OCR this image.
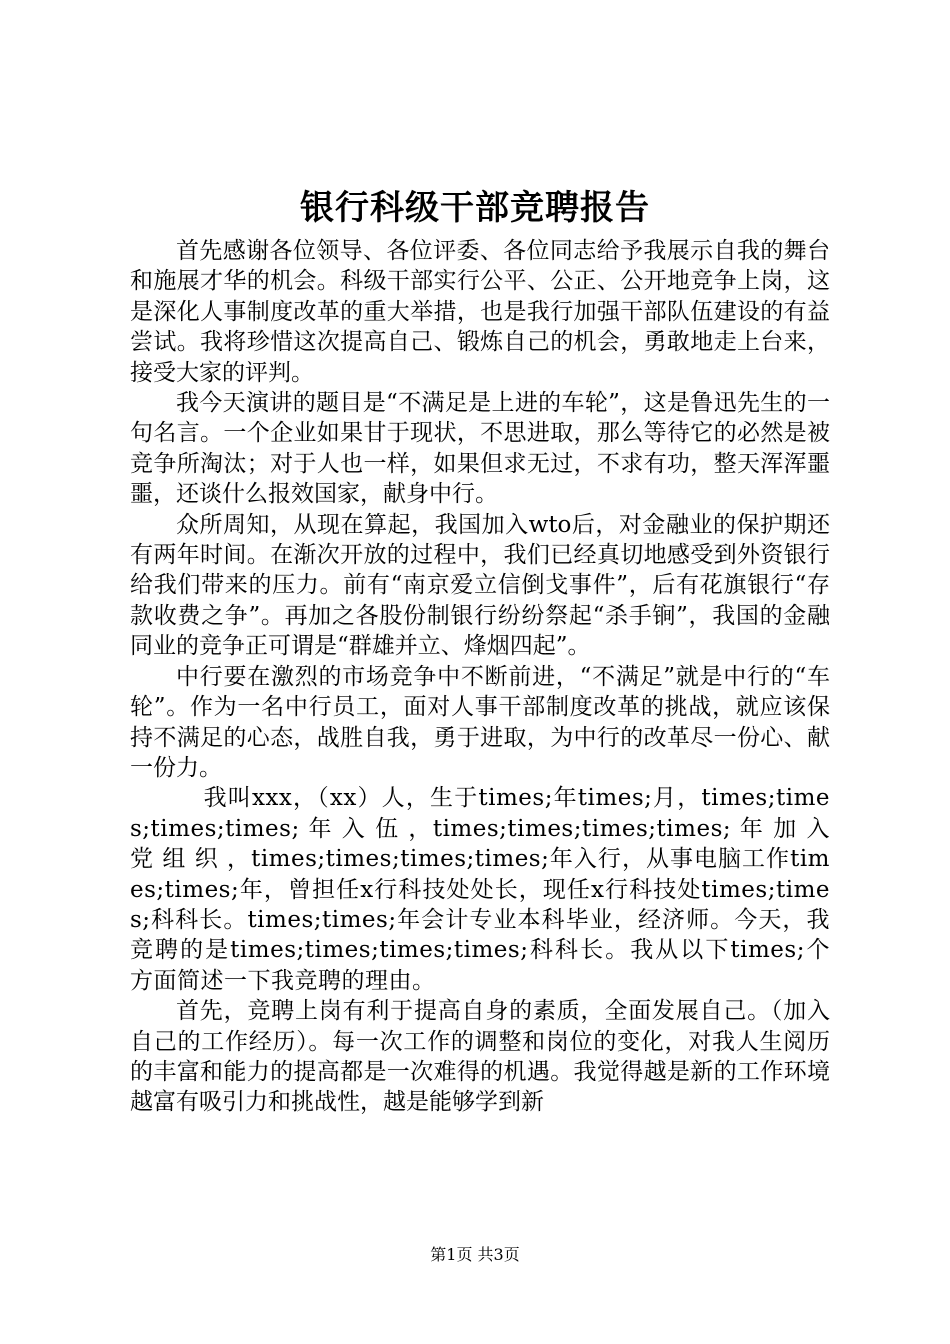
银行科级干部竞聘报告

首先感谢各位领导、各位评委、各位同志给予我展示自我的舞台和施展才华的机会。科级干部实行公平、公正、公开地竞争上岗，这是深化人事制度改革的重大举措，也是我行加强干部队伍建设的有益尝试。我将珍惜这次提高自己、锻炼自己的机会，勇敢地走上台来，接受大家的评判。

我今天演讲的题目是“不满足是上进的车轮”，这是鲁迅先生的一句名言。一个企业如果甘于现状，不思进取，那么等待它的必然是被竞争所淘汰；对于人也一样，如果但求无过，不求有功，整天浑浑噩噩，还谈什么报效国家，献身中行。

众所周知，从现在算起，我国加入wto后，对金融业的保护期还有两年时间。在渐次开放的过程中，我们已经真切地感受到外资银行给我们带来的压力。前有“南京爱立信倒戈事件”，后有花旗银行“存款收费之争”。再加之各股份制银行纷纷祭起“杀手锏”，我国的金融同业的竞争正可谓是“群雄并立、烽烟四起”。

中行要在激烈的市场竞争中不断前进，“不满足”就是中行的“车轮”。作为一名中行员工，面对人事干部制度改革的挑战，就应该保持不满足的心态，战胜自我，勇于进取，为中行的改革尽一份心、献一份力。

我叫xxx，（xx）人，生于times;年times;月，times;times;times;times; 年 入 伍 ，times;times;times;times; 年 加 入 党 组 织 ，times;times;times;times;年入行，从事电脑工作times;times;年，曾担任x行科技处处长，现任x行科技处times;times;科科长。times;times;年会计专业本科毕业，经济师。今天，我竞聘的是times;times;times;times;科科长。我从以下times;个方面简述一下我竞聘的理由。

首先，竞聘上岗有利于提高自身的素质，全面发展自己。（加入自己的工作经历）。每一次工作的调整和岗位的变化，对我人生阅历的丰富和能力的提高都是一次难得的机遇。我觉得越是新的工作环境越富有吸引力和挑战性，越是能够学到新

第1页 共3页
